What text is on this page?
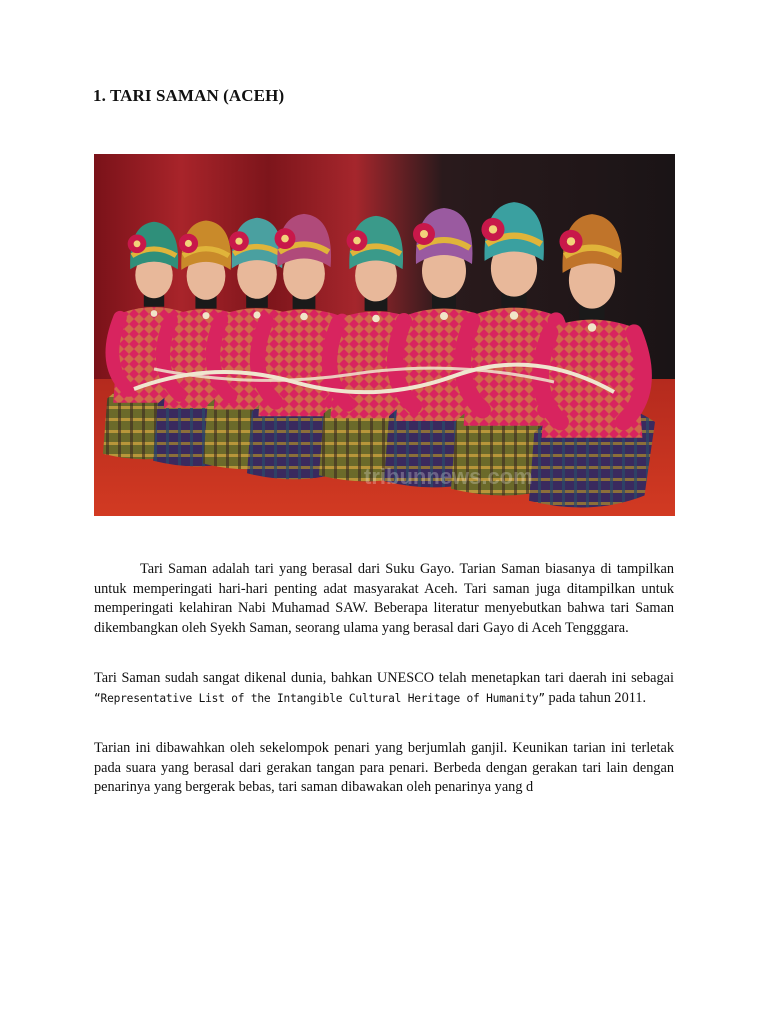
1. TARI SAMAN (ACEH)
tribunnews.com

Tari Saman adalah tari yang berasal dari Suku Gayo. Tarian Saman biasanya di tampilkan untuk memperingati hari-hari penting adat masyarakat Aceh. Tari saman juga ditampilkan untuk memperingati kelahiran Nabi Muhamad SAW. Beberapa literatur menyebutkan bahwa tari Saman dikembangkan oleh Syekh Saman, seorang ulama yang berasal dari Gayo di Aceh Tengggara.

Tari Saman sudah sangat dikenal dunia, bahkan UNESCO telah menetapkan tari daerah ini sebagai “Representative List of the Intangible Cultural Heritage of Humanity” pada tahun 2011.

Tarian ini dibawahkan oleh sekelompok penari yang berjumlah ganjil. Keunikan tarian ini terletak pada suara yang berasal dari gerakan tangan para penari. Berbeda dengan gerakan tari lain dengan penarinya yang bergerak bebas, tari saman dibawakan oleh penarinya yang d
